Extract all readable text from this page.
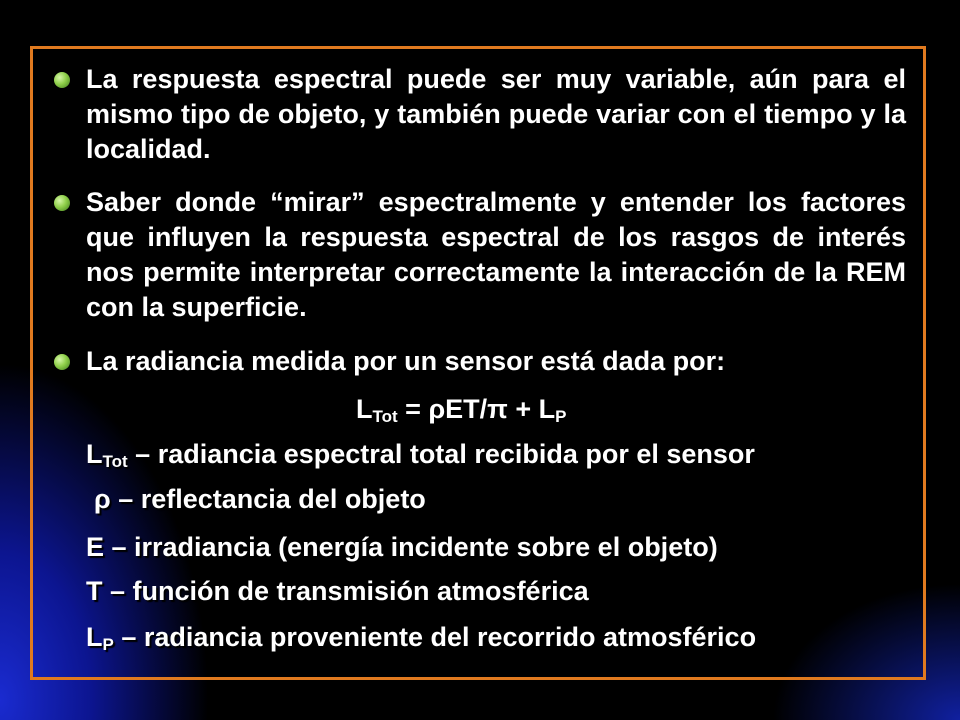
La respuesta espectral puede ser muy variable, aún para el mismo tipo de objeto, y también puede variar con el tiempo y la localidad.
Saber donde “mirar” espectralmente y entender los factores que influyen la respuesta espectral de los rasgos de interés nos permite interpretar correctamente la interacción de la REM con la superficie.
La radiancia medida por un sensor está dada por:
$L_{Tot} = \rho ET/\pi + L_P$
$L_{Tot}$ – radiancia espectral total recibida por el sensor
ρ – reflectancia del objeto
E – irradiancia (energía incidente sobre el objeto)
T – función de transmisión atmosférica
$L_P$ – radiancia proveniente del recorrido atmosférico
